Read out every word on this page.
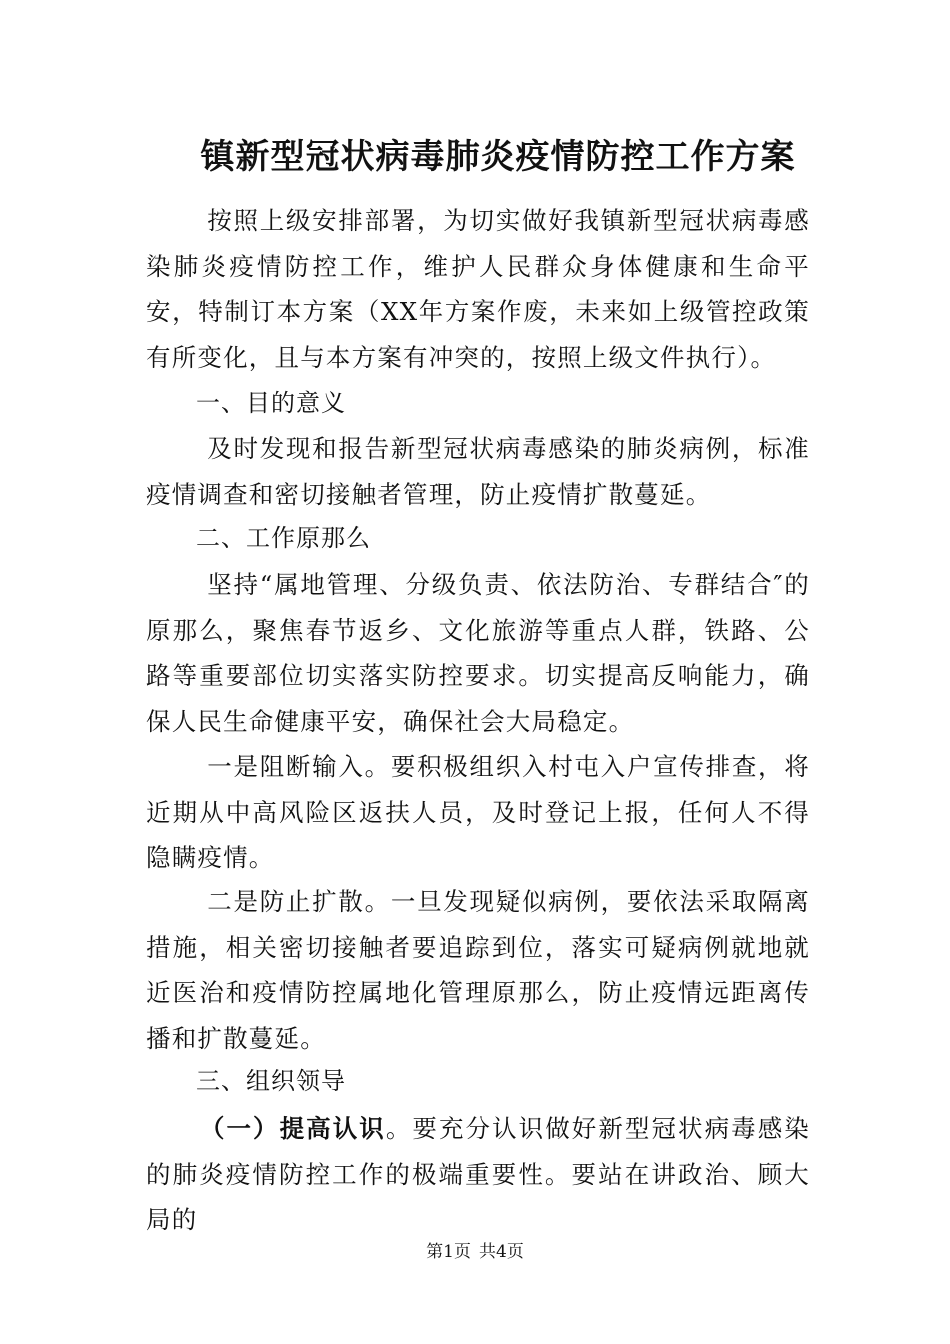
镇新型冠状病毒肺炎疫情防控工作方案

按照上级安排部署，为切实做好我镇新型冠状病毒感染肺炎疫情防控工作，维护人民群众身体健康和生命平安，特制订本方案（XX年方案作废，未来如上级管控政策有所变化，且与本方案有冲突的，按照上级文件执行）。

一、目的意义

及时发现和报告新型冠状病毒感染的肺炎病例，标准疫情调查和密切接触者管理，防止疫情扩散蔓延。

二、工作原那么

坚持“属地管理、分级负责、依法防治、专群结合″的原那么，聚焦春节返乡、文化旅游等重点人群，铁路、公路等重要部位切实落实防控要求。切实提高反响能力，确保人民生命健康平安，确保社会大局稳定。

一是阻断输入。要积极组织入村屯入户宣传排查，将近期从中高风险区返扶人员，及时登记上报，任何人不得隐瞒疫情。

二是防止扩散。一旦发现疑似病例，要依法采取隔离措施，相关密切接触者要追踪到位，落实可疑病例就地就近医治和疫情防控属地化管理原那么，防止疫情远距离传播和扩散蔓延。

三、组织领导

（一）提高认识。要充分认识做好新型冠状病毒感染的肺炎疫情防控工作的极端重要性。要站在讲政治、顾大局的

第1页 共4页
